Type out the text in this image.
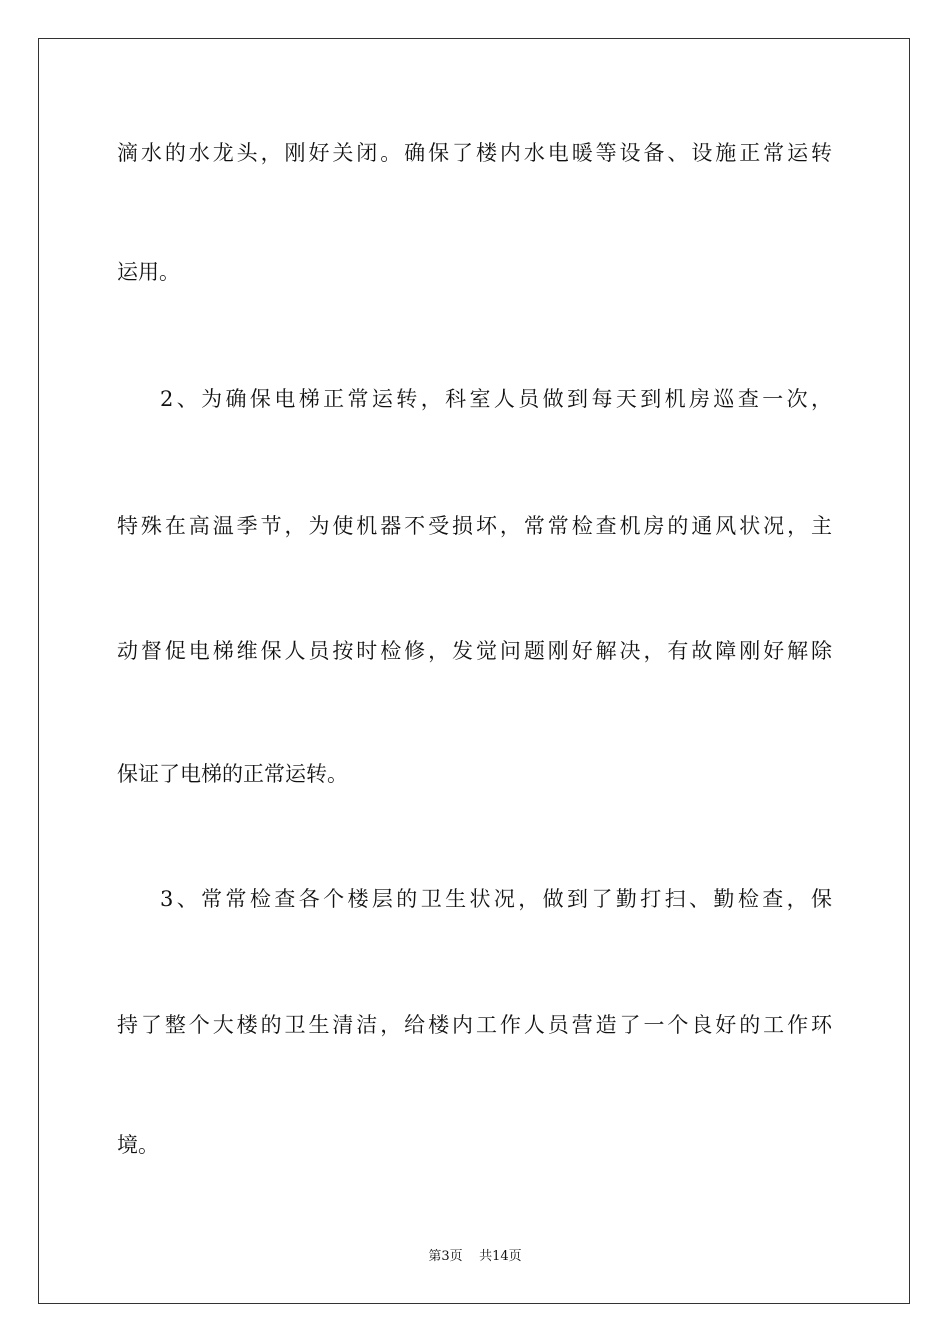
滴水的水龙头，刚好关闭。确保了楼内水电暖等设备、设施正常运转
运用。
2、为确保电梯正常运转，科室人员做到每天到机房巡查一次，
特殊在高温季节，为使机器不受损坏，常常检查机房的通风状况，主
动督促电梯维保人员按时检修，发觉问题刚好解决，有故障刚好解除
保证了电梯的正常运转。
3、常常检查各个楼层的卫生状况，做到了勤打扫、勤检查，保
持了整个大楼的卫生清洁，给楼内工作人员营造了一个良好的工作环
境。
第3页 共14页
